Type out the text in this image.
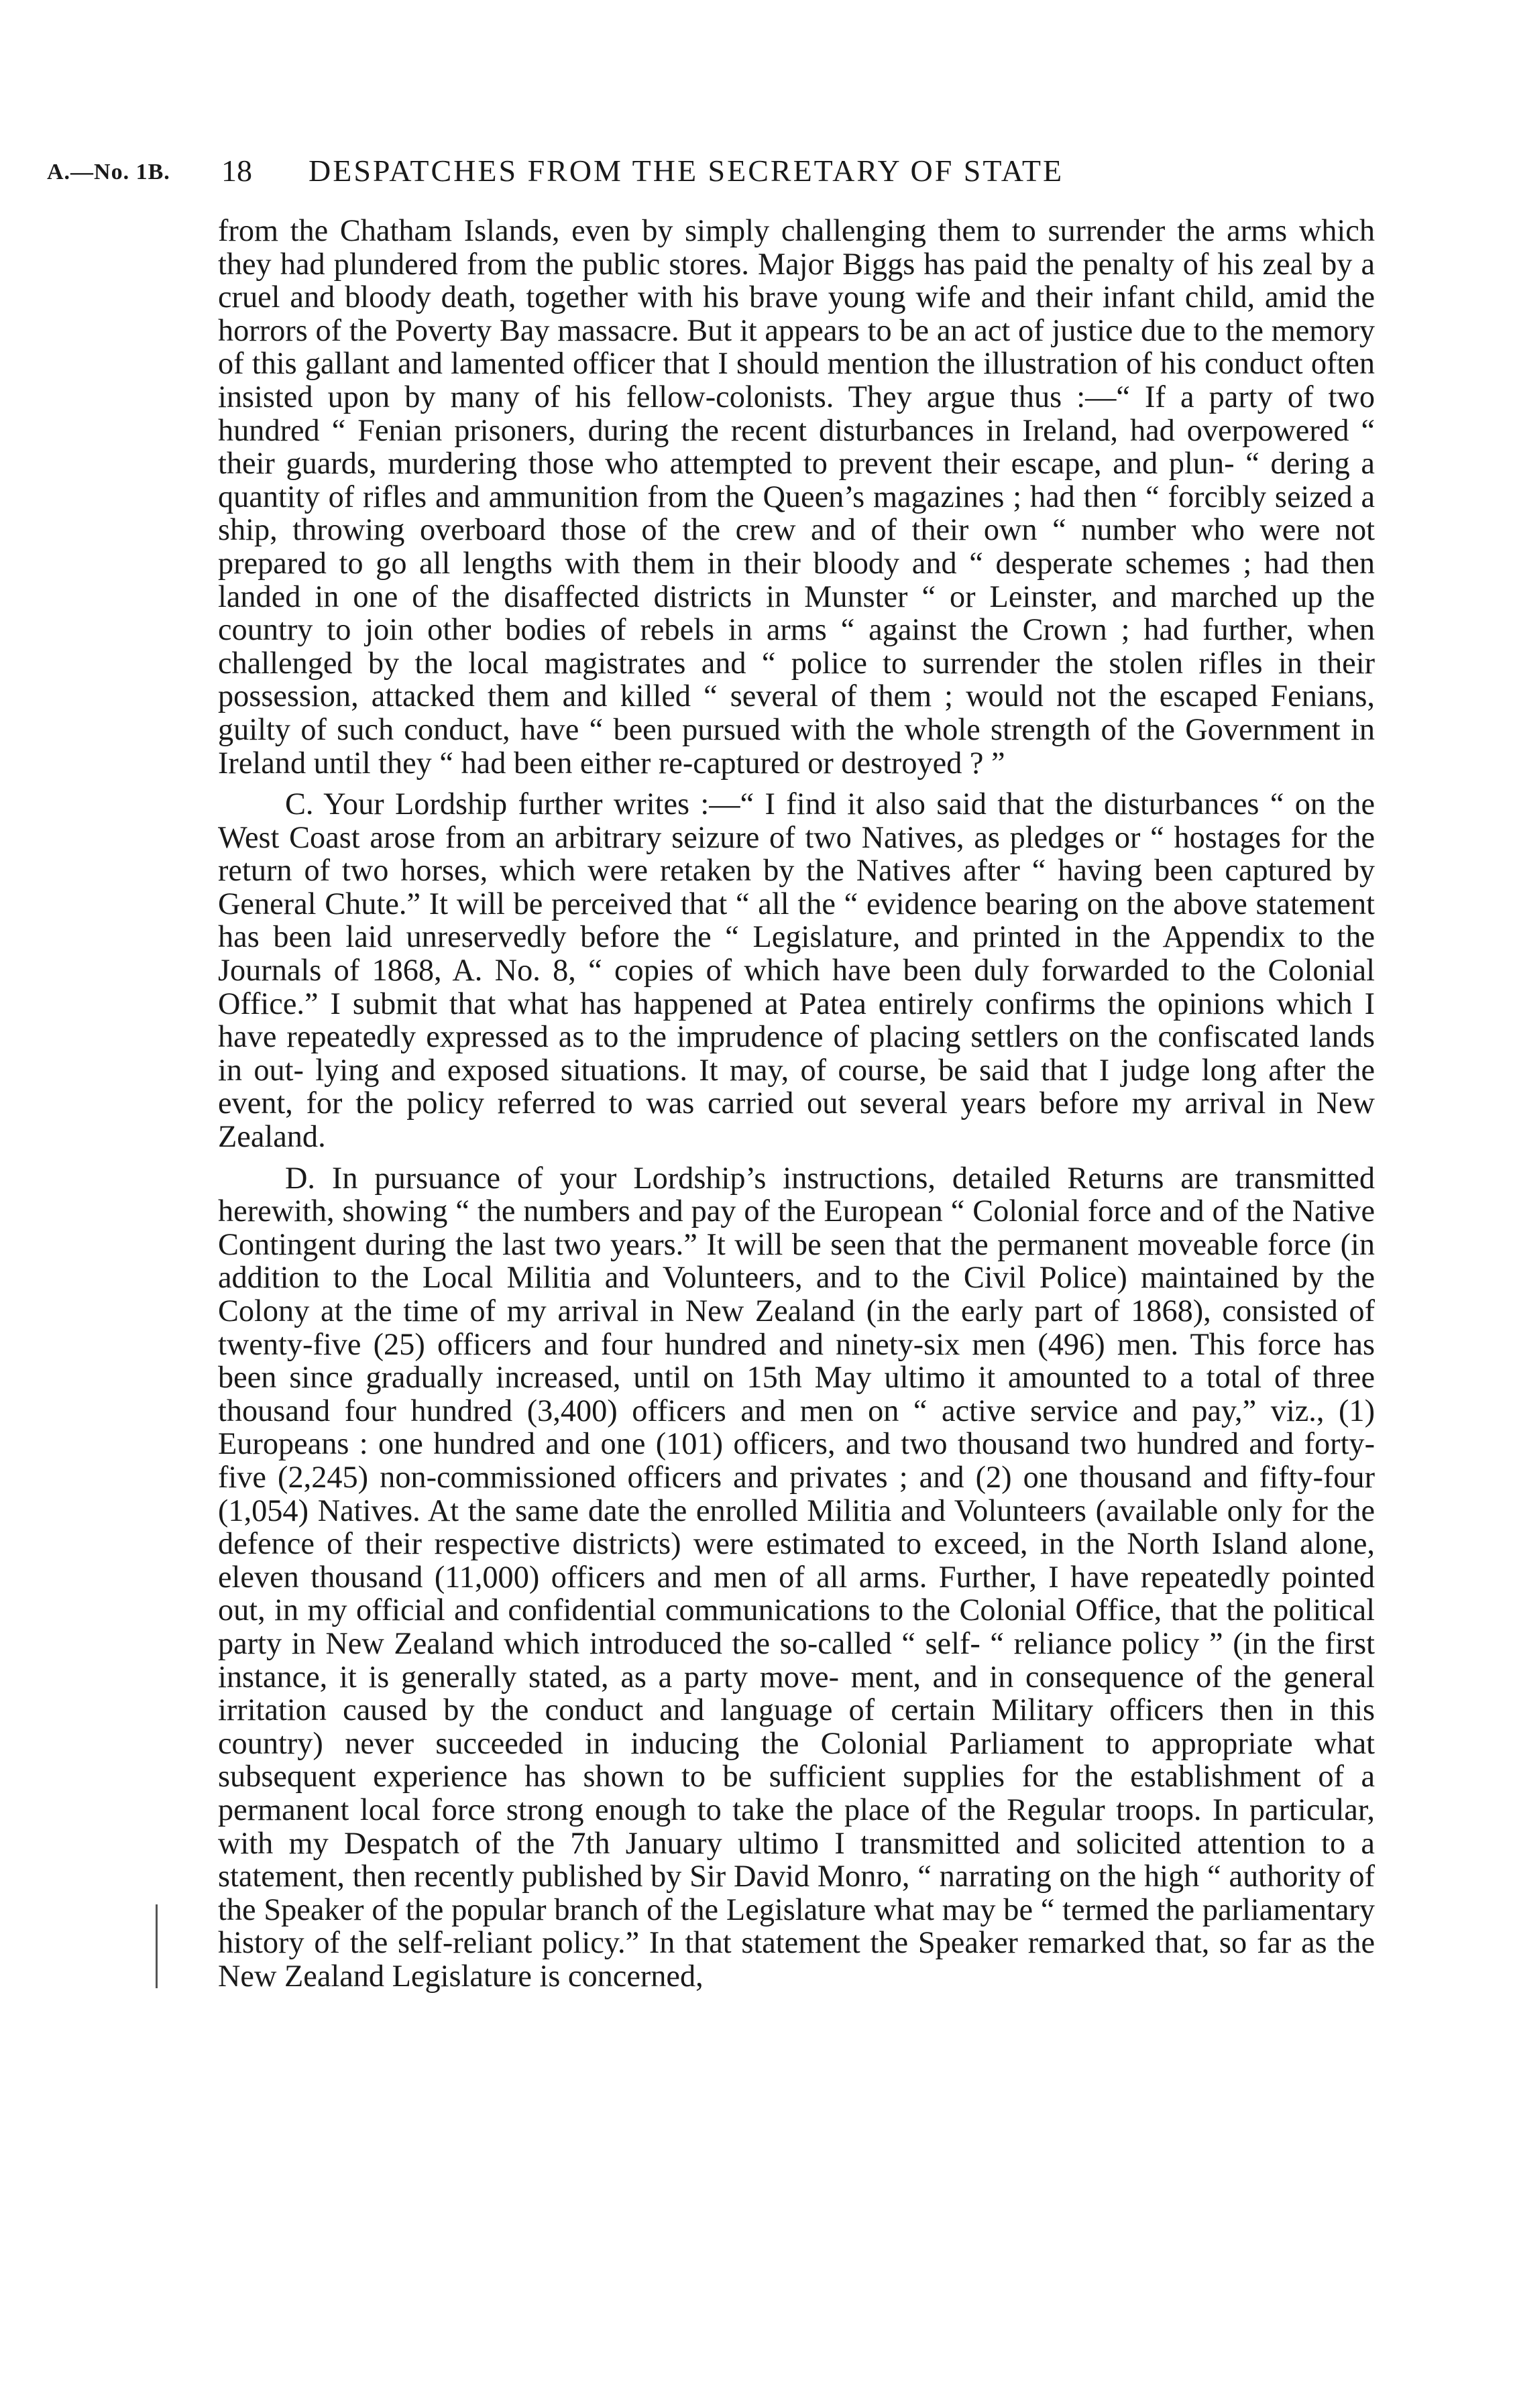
A.—No. 1B. 18 DESPATCHES FROM THE SECRETARY OF STATE

from the Chatham Islands, even by simply challenging them to surrender the arms which they had plundered from the public stores. Major Biggs has paid the penalty of his zeal by a cruel and bloody death, together with his brave young wife and their infant child, amid the horrors of the Poverty Bay massacre. But it appears to be an act of justice due to the memory of this gallant and lamented officer that I should mention the illustration of his conduct often insisted upon by many of his fellow-colonists. They argue thus :—“ If a party of two hundred “ Fenian prisoners, during the recent disturbances in Ireland, had overpowered “ their guards, murdering those who attempted to prevent their escape, and plun- “ dering a quantity of rifles and ammunition from the Queen’s magazines ; had then “ forcibly seized a ship, throwing overboard those of the crew and of their own “ number who were not prepared to go all lengths with them in their bloody and “ desperate schemes ; had then landed in one of the disaffected districts in Munster “ or Leinster, and marched up the country to join other bodies of rebels in arms “ against the Crown ; had further, when challenged by the local magistrates and “ police to surrender the stolen rifles in their possession, attacked them and killed “ several of them ; would not the escaped Fenians, guilty of such conduct, have “ been pursued with the whole strength of the Government in Ireland until they “ had been either re-captured or destroyed ? ”

C. Your Lordship further writes :—“ I find it also said that the disturbances “ on the West Coast arose from an arbitrary seizure of two Natives, as pledges or “ hostages for the return of two horses, which were retaken by the Natives after “ having been captured by General Chute.” It will be perceived that “ all the “ evidence bearing on the above statement has been laid unreservedly before the “ Legislature, and printed in the Appendix to the Journals of 1868, A. No. 8, “ copies of which have been duly forwarded to the Colonial Office.” I submit that what has happened at Patea entirely confirms the opinions which I have repeatedly expressed as to the imprudence of placing settlers on the confiscated lands in out- lying and exposed situations. It may, of course, be said that I judge long after the event, for the policy referred to was carried out several years before my arrival in New Zealand.

D. In pursuance of your Lordship’s instructions, detailed Returns are transmitted herewith, showing “ the numbers and pay of the European “ Colonial force and of the Native Contingent during the last two years.” It will be seen that the permanent moveable force (in addition to the Local Militia and Volunteers, and to the Civil Police) maintained by the Colony at the time of my arrival in New Zealand (in the early part of 1868), consisted of twenty-five (25) officers and four hundred and ninety-six men (496) men. This force has been since gradually increased, until on 15th May ultimo it amounted to a total of three thousand four hundred (3,400) officers and men on “ active service and pay,” viz., (1) Europeans : one hundred and one (101) officers, and two thousand two hundred and forty-five (2,245) non-commissioned officers and privates ; and (2) one thousand and fifty-four (1,054) Natives. At the same date the enrolled Militia and Volunteers (available only for the defence of their respective districts) were estimated to exceed, in the North Island alone, eleven thousand (11,000) officers and men of all arms. Further, I have repeatedly pointed out, in my official and confidential communications to the Colonial Office, that the political party in New Zealand which introduced the so-called “ self- “ reliance policy ” (in the first instance, it is generally stated, as a party move- ment, and in consequence of the general irritation caused by the conduct and language of certain Military officers then in this country) never succeeded in inducing the Colonial Parliament to appropriate what subsequent experience has shown to be sufficient supplies for the establishment of a permanent local force strong enough to take the place of the Regular troops. In particular, with my Despatch of the 7th January ultimo I transmitted and solicited attention to a statement, then recently published by Sir David Monro, “ narrating on the high “ authority of the Speaker of the popular branch of the Legislature what may be “ termed the parliamentary history of the self-reliant policy.” In that statement the Speaker remarked that, so far as the New Zealand Legislature is concerned,
